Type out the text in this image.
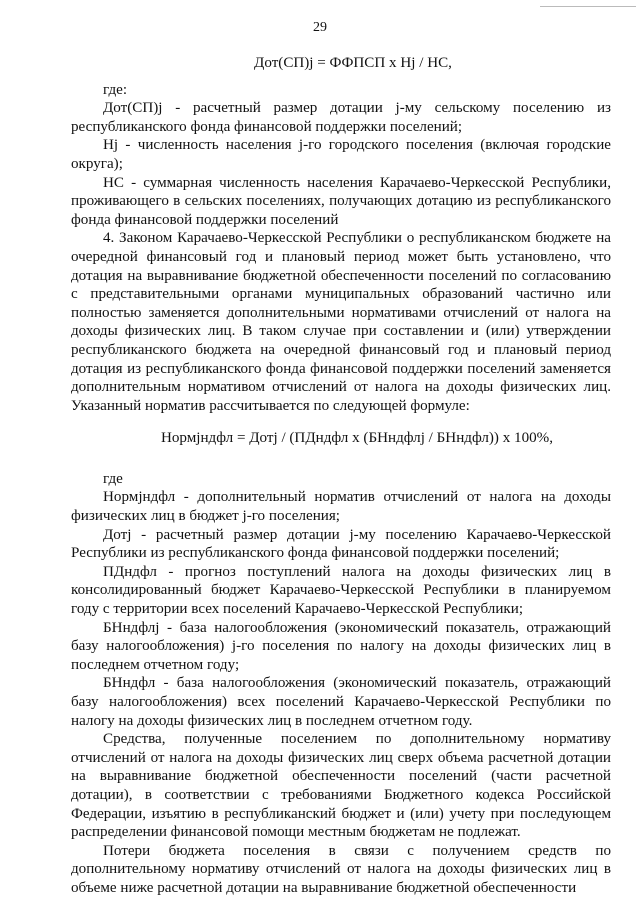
29
Дот(СП)j = ФФПСП x Hj / HС,

где:

Дот(СП)j - расчетный размер дотации j-му сельскому поселению из республиканского фонда финансовой поддержки поселений;

Hj - численность населения j-го городского поселения (включая городские округа);

HС - суммарная численность населения Карачаево-Черкесской Республики, проживающего в сельских поселениях, получающих дотацию из республиканского фонда финансовой поддержки поселений

4. Законом Карачаево-Черкесской Республики о республиканском бюджете на очередной финансовый год и плановый период может быть установлено, что дотация на выравнивание бюджетной обеспеченности поселений по согласованию с представительными органами муниципальных образований частично или полностью заменяется дополнительными нормативами отчислений от налога на доходы физических лиц. В таком случае при составлении и (или) утверждении республиканского бюджета на очередной финансовый год и плановый период дотация из республиканского фонда финансовой поддержки поселений заменяется дополнительным нормативом отчислений от налога на доходы физических лиц. Указанный норматив рассчитывается по следующей формуле:

Нормjндфл = Дотj / (ПДндфл x (БНндфлj / БНндфл)) x 100%,

где

Нормjндфл - дополнительный норматив отчислений от налога на доходы физических лиц в бюджет j-го поселения;

Дотj - расчетный размер дотации j-му поселению Карачаево-Черкесской Республики из республиканского фонда финансовой поддержки поселений;

ПДндфл - прогноз поступлений налога на доходы физических лиц в консолидированный бюджет Карачаево-Черкесской Республики в планируемом году с территории всех поселений Карачаево-Черкесской Республики;

БНндфлj - база налогообложения (экономический показатель, отражающий базу налогообложения) j-го поселения по налогу на доходы физических лиц в последнем отчетном году;

БНндфл - база налогообложения (экономический показатель, отражающий базу налогообложения) всех поселений Карачаево-Черкесской Республики по налогу на доходы физических лиц в последнем отчетном году.

Средства, полученные поселением по дополнительному нормативу отчислений от налога на доходы физических лиц сверх объема расчетной дотации на выравнивание бюджетной обеспеченности поселений (части расчетной дотации), в соответствии с требованиями Бюджетного кодекса Российской Федерации, изъятию в республиканский бюджет и (или) учету при последующем распределении финансовой помощи местным бюджетам не подлежат.

Потери бюджета поселения в связи с получением средств по дополнительному нормативу отчислений от налога на доходы физических лиц в объеме ниже расчетной дотации на выравнивание бюджетной обеспеченности
